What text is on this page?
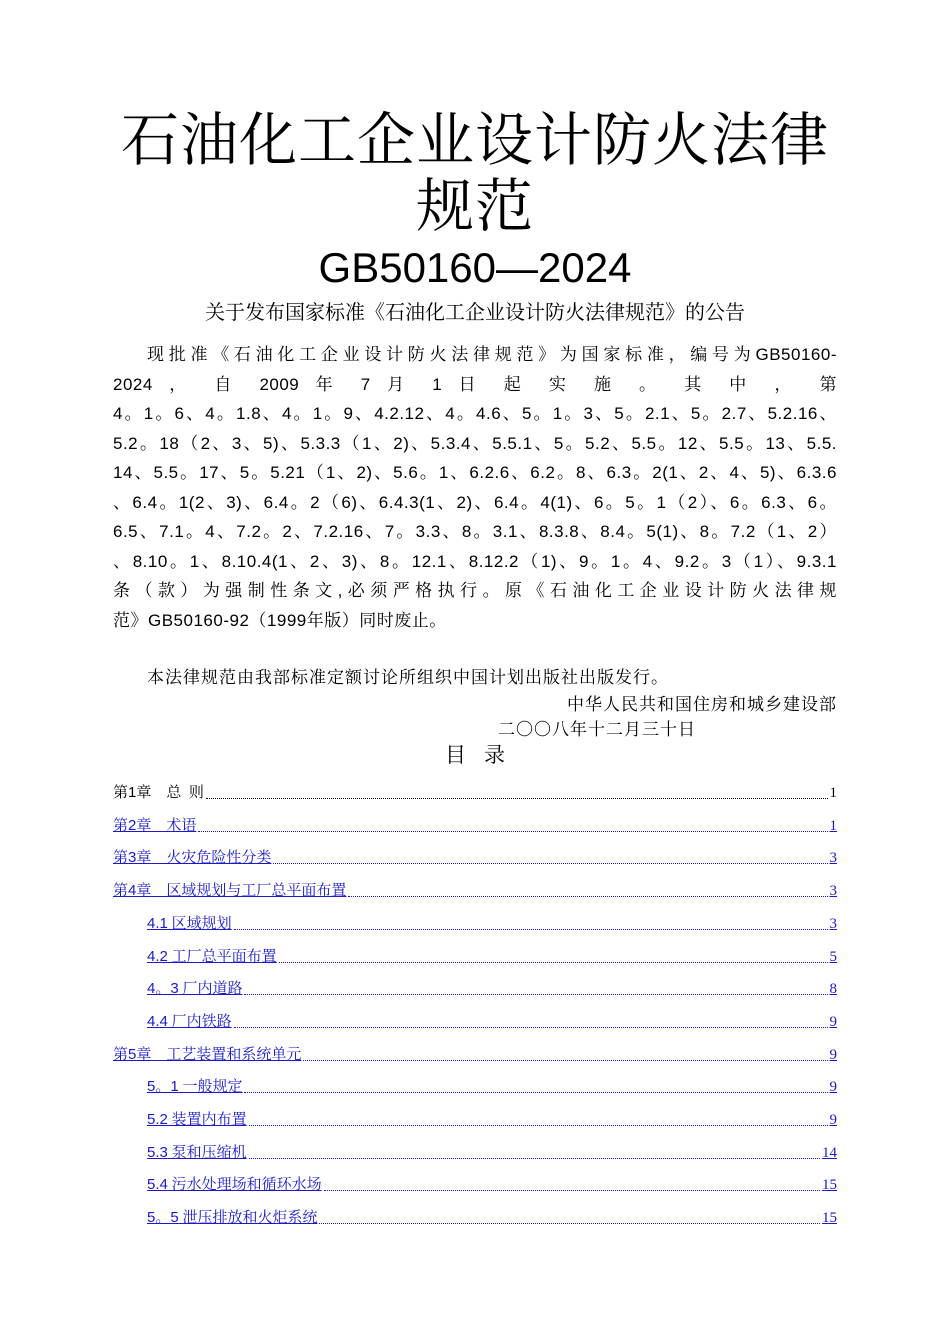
石油化工企业设计防火法律规范
GB50160—2024
关于发布国家标准《石油化工企业设计防火法律规范》的公告
现批准《石油化工企业设计防火法律规范》为国家标准，编号为GB50160-
2024 ， 自 2009 年 7 月 1 日 起 实 施 。 其 中 ， 第
4。1。6、4。1.8、4。1。9、4.2.12、4。4.6、5。1。3、5。2.1、5。2.7、5.2.16、
5.2。18（2、3、5)、5.3.3（1、2)、5.3.4、5.5.1、5。5.2、5.5。12、5.5。13、5.5.
14、5.5。17、5。5.21（1、2)、5.6。1、6.2.6、6.2。8、6.3。2(1、2、4、5)、6.3.6
、6.4。1(2、3)、6.4。2（6)、6.4.3(1、2)、6.4。4(1)、6。5。1（2）、6。6.3、6。
6.5、7.1。4、7.2。2、7.2.16、7。3.3、8。3.1、8.3.8、8.4。5(1)、8。7.2（1、2）
、8.10。1、8.10.4(1、2、3)、8。12.1、8.12.2（1)、9。1。4、9.2。3（1）、9.3.1
条（款）为强制性条文,必须严格执行。原《石油化工企业设计防火法律规
范》GB50160-92（1999年版）同时废止。
本法律规范由我部标准定额讨论所组织中国计划出版社出版发行。
中华人民共和国住房和城乡建设部
二〇〇八年十二月三十日
目录
第1章　总  则	1
第2章　术语	1
第3章　火灾危险性分类	3
第4章　区域规划与工厂总平面布置	3
4.1 区域规划	3
4.2 工厂总平面布置	5
4。3 厂内道路	8
4.4 厂内铁路	9
第5章　工艺装置和系统单元	9
5。1 一般规定	9
5.2 装置内布置	9
5.3 泵和压缩机	14
5.4 污水处理场和循环水场	15
5。5 泄压排放和火炬系统	15
